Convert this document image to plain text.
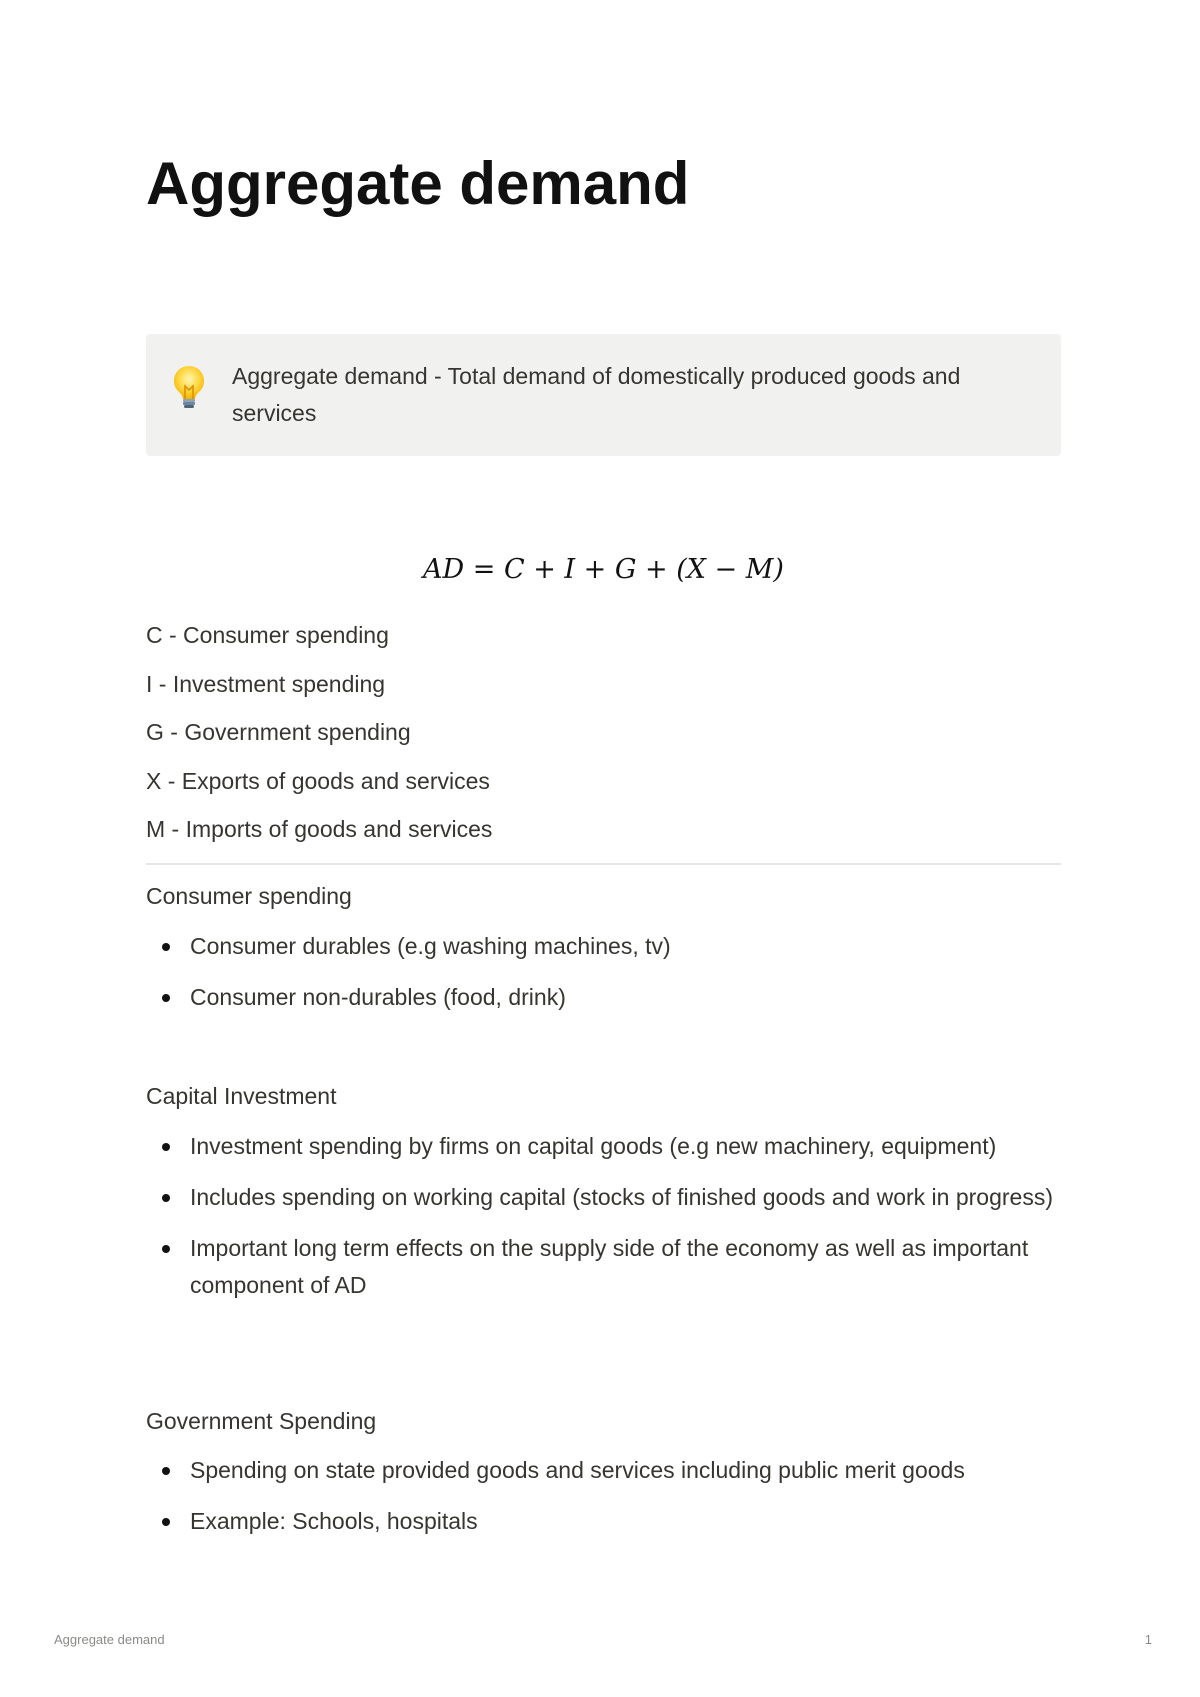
Aggregate demand
Aggregate demand - Total demand of domestically produced goods and services
AD = C + I + G + (X − M)
C - Consumer spending
I - Investment spending
G - Government spending
X - Exports of goods and services
M - Imports of goods and services
Consumer spending
Consumer durables (e.g washing machines, tv)
Consumer non-durables (food, drink)
Capital Investment
Investment spending by firms on capital goods (e.g new machinery, equipment)
Includes spending on working capital (stocks of finished goods and work in progress)
Important long term effects on the supply side of the economy as well as important component of AD
Government Spending
Spending on state provided goods and services including public merit goods
Example: Schools, hospitals
Aggregate demand	1
